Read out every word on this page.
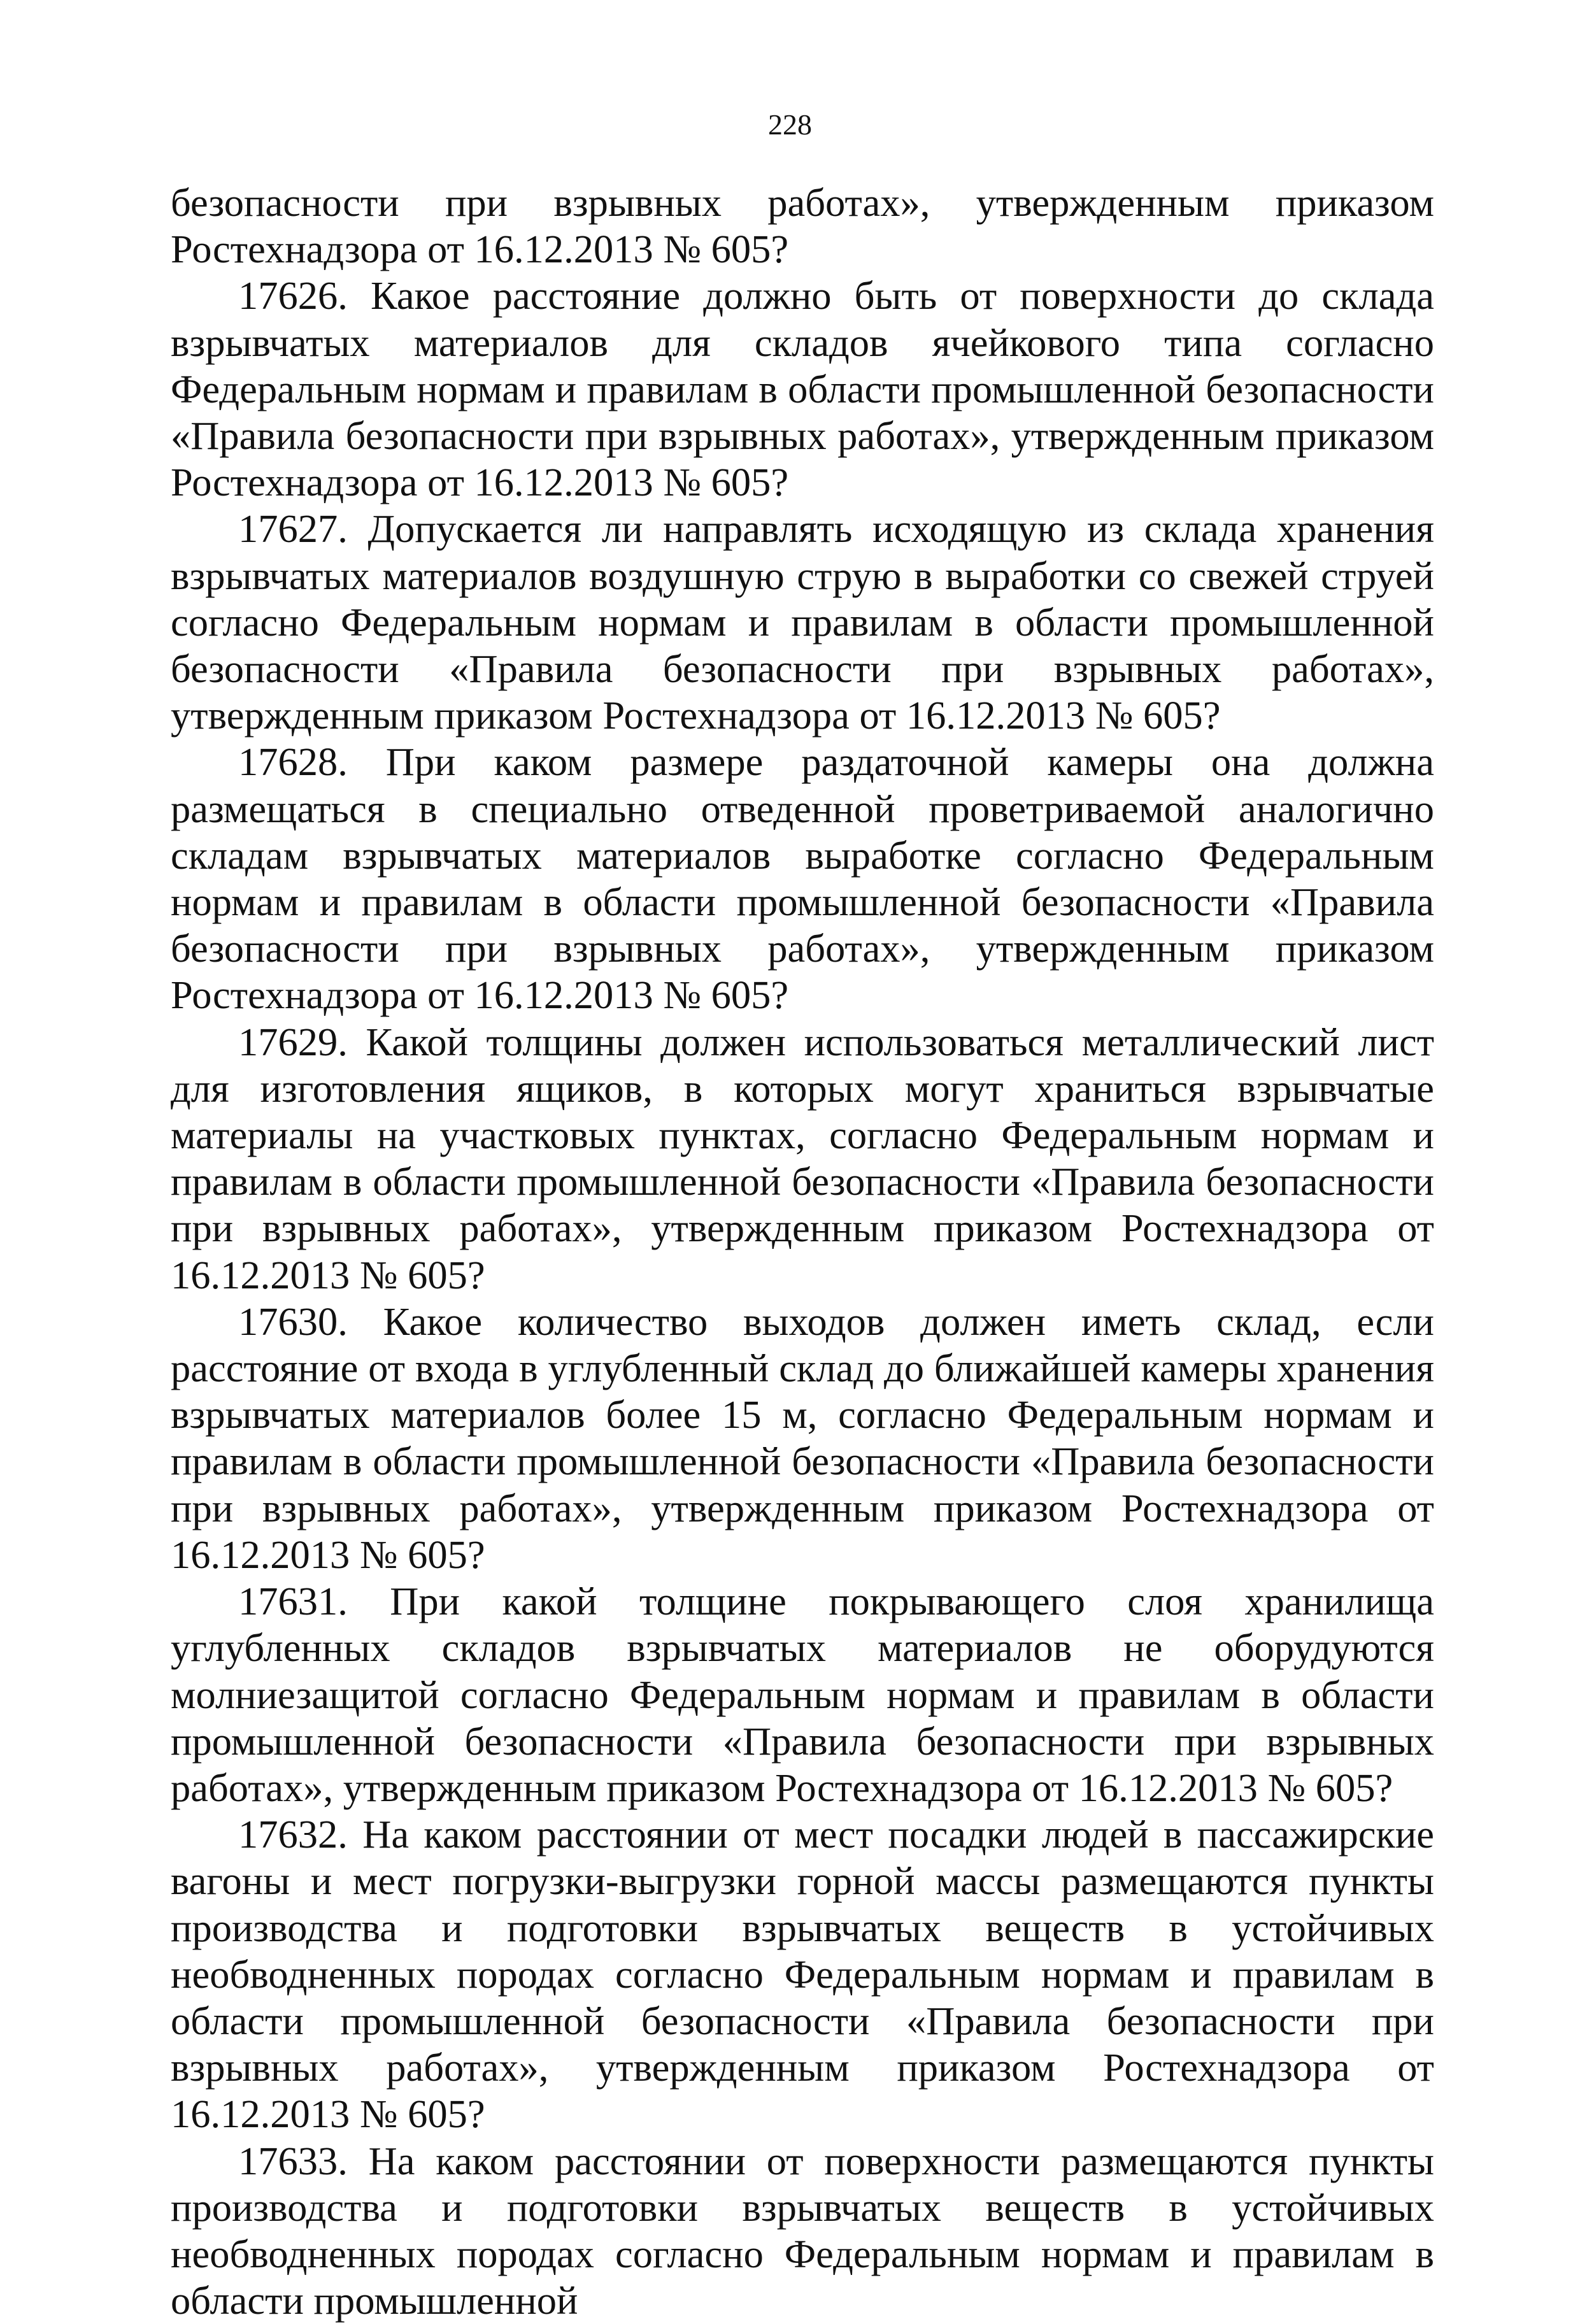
228

безопасности при взрывных работах», утвержденным приказом Ростехнадзора от 16.12.2013 № 605?

17626. Какое расстояние должно быть от поверхности до склада взрывчатых материалов для складов ячейкового типа согласно Федеральным нормам и правилам в области промышленной безопасности «Правила безопасности при взрывных работах», утвержденным приказом Ростехнадзора от 16.12.2013 № 605?

17627. Допускается ли направлять исходящую из склада хранения взрывчатых материалов воздушную струю в выработки со свежей струей согласно Федеральным нормам и правилам в области промышленной безопасности «Правила безопасности при взрывных работах», утвержденным приказом Ростехнадзора от 16.12.2013 № 605?

17628. При каком размере раздаточной камеры она должна размещаться в специально отведенной проветриваемой аналогично складам взрывчатых материалов выработке согласно Федеральным нормам и правилам в области промышленной безопасности «Правила безопасности при взрывных работах», утвержденным приказом Ростехнадзора от 16.12.2013 № 605?

17629. Какой толщины должен использоваться металлический лист для изготовления ящиков, в которых могут храниться взрывчатые материалы на участковых пунктах, согласно Федеральным нормам и правилам в области промышленной безопасности «Правила безопасности при взрывных работах», утвержденным приказом Ростехнадзора от 16.12.2013 № 605?

17630. Какое количество выходов должен иметь склад, если расстояние от входа в углубленный склад до ближайшей камеры хранения взрывчатых материалов более 15 м, согласно Федеральным нормам и правилам в области промышленной безопасности «Правила безопасности при взрывных работах», утвержденным приказом Ростехнадзора от 16.12.2013 № 605?

17631. При какой толщине покрывающего слоя хранилища углубленных складов взрывчатых материалов не оборудуются молниезащитой согласно Федеральным нормам и правилам в области промышленной безопасности «Правила безопасности при взрывных работах», утвержденным приказом Ростехнадзора от 16.12.2013 № 605?

17632. На каком расстоянии от мест посадки людей в пассажирские вагоны и мест погрузки-выгрузки горной массы размещаются пункты производства и подготовки взрывчатых веществ в устойчивых необводненных породах согласно Федеральным нормам и правилам в области промышленной безопасности «Правила безопасности при взрывных работах», утвержденным приказом Ростехнадзора от 16.12.2013 № 605?

17633. На каком расстоянии от поверхности размещаются пункты производства и подготовки взрывчатых веществ в устойчивых необводненных породах согласно Федеральным нормам и правилам в области промышленной
